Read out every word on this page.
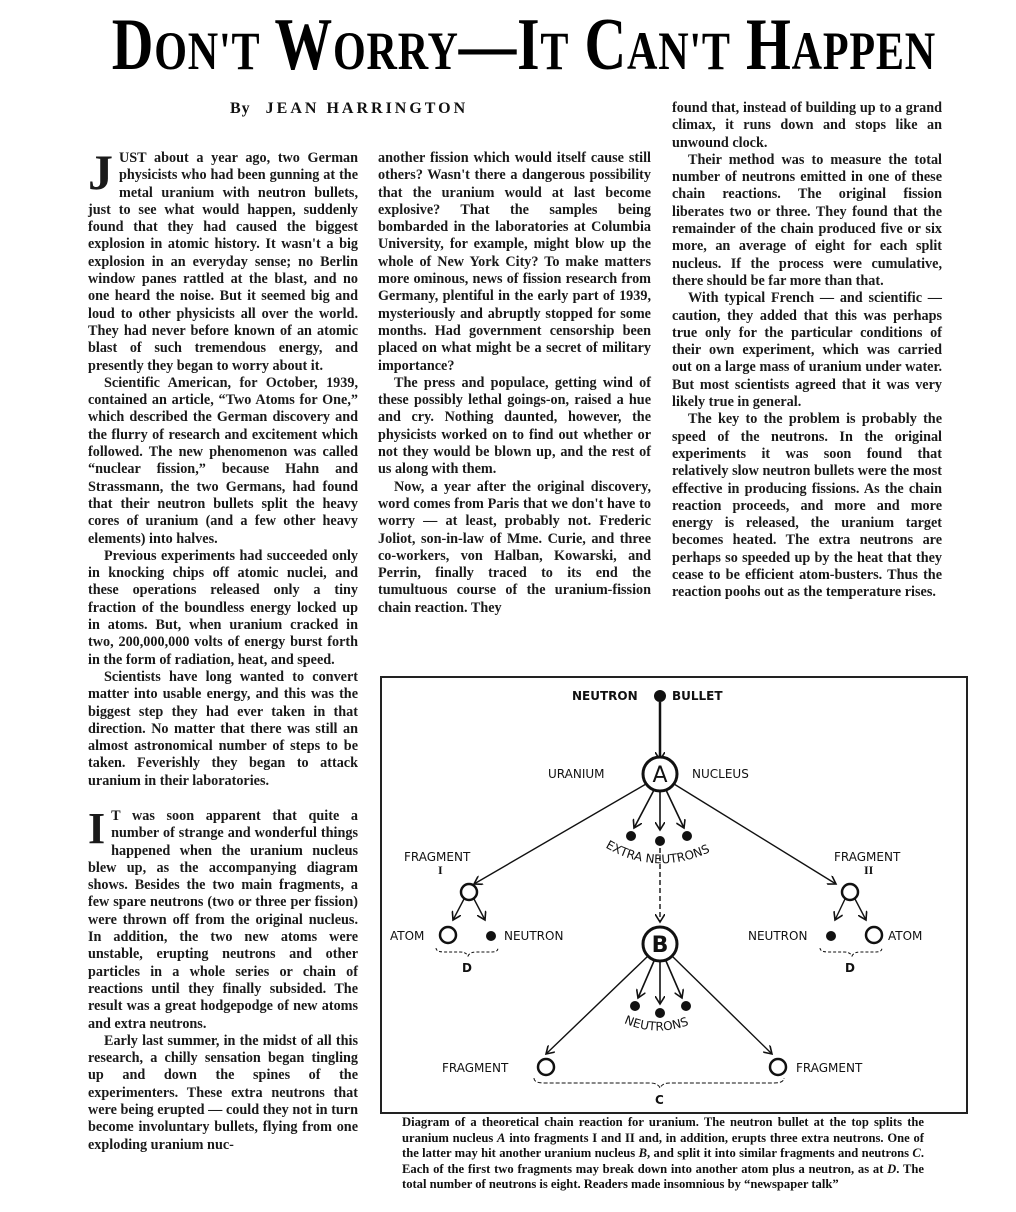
DON'T WORRY—IT CAN'T HAPPEN
By JEAN HARRINGTON

JUST about a year ago, two German physicists who had been gunning at the metal uranium with neutron bullets, just to see what would happen, suddenly found that they had caused the biggest explosion in atomic history. It wasn't a big explosion in an everyday sense; no Berlin window panes rattled at the blast, and no one heard the noise. But it seemed big and loud to other physicists all over the world. They had never before known of an atomic blast of such tremendous energy, and presently they began to worry about it.

Scientific American, for October, 1939, contained an article, “Two Atoms for One,” which described the German discovery and the flurry of research and excitement which followed. The new phenomenon was called “nuclear fission,” because Hahn and Strassmann, the two Germans, had found that their neutron bullets split the heavy cores of uranium (and a few other heavy elements) into halves.

Previous experiments had succeeded only in knocking chips off atomic nuclei, and these operations released only a tiny fraction of the boundless energy locked up in atoms. But, when uranium cracked in two, 200,000,000 volts of energy burst forth in the form of radiation, heat, and speed.

Scientists have long wanted to convert matter into usable energy, and this was the biggest step they had ever taken in that direction. No matter that there was still an almost astronomical number of steps to be taken. Feverishly they began to attack uranium in their laboratories.

I T was soon apparent that quite a number of strange and wonderful things happened when the uranium nucleus blew up, as the accompanying diagram shows. Besides the two main fragments, a few spare neutrons (two or three per fission) were thrown off from the original nucleus. In addition, the two new atoms were unstable, erupting neutrons and other particles in a whole series or chain of reactions until they finally subsided. The result was a great hodgepodge of new atoms and extra neutrons.

Early last summer, in the midst of all this research, a chilly sensation began tingling up and down the spines of the experimenters. These extra neutrons that were being erupted — could they not in turn become involuntary bullets, flying from one exploding uranium nuc-

another fission which would itself cause still others? Wasn't there a dangerous possibility that the uranium would at last become explosive? That the samples being bombarded in the laboratories at Columbia University, for example, might blow up the whole of New York City? To make matters more ominous, news of fission research from Germany, plentiful in the early part of 1939, mysteriously and abruptly stopped for some months. Had government censorship been placed on what might be a secret of military importance?

The press and populace, getting wind of these possibly lethal goings-on, raised a hue and cry. Nothing daunted, however, the physicists worked on to find out whether or not they would be blown up, and the rest of us along with them.

Now, a year after the original discovery, word comes from Paris that we don't have to worry — at least, probably not. Frederic Joliot, son-in-law of Mme. Curie, and three co-workers, von Halban, Kowarski, and Perrin, finally traced to its end the tumultuous course of the uranium-fission chain reaction. They

found that, instead of building up to a grand climax, it runs down and stops like an unwound clock.

Their method was to measure the total number of neutrons emitted in one of these chain reactions. The original fission liberates two or three. They found that the remainder of the chain produced five or six more, an average of eight for each split nucleus. If the process were cumulative, there should be far more than that.

With typical French — and scientific — caution, they added that this was perhaps true only for the particular conditions of their own experiment, which was carried out on a large mass of uranium under water. But most scientists agreed that it was very likely true in general.

The key to the problem is probably the speed of the neutrons. In the original experiments it was soon found that relatively slow neutron bullets were the most effective in producing fissions. As the chain reaction proceeds, and more and more energy is released, the uranium target becomes heated. The extra neutrons are perhaps so speeded up by the heat that they cease to be efficient atom-busters. Thus the reaction poohs out as the temperature rises.

NEUTRON	BULLET
URANIUM A NUCLEUS
EXTRA NEUTRONS
FRAGMENT
I
ATOM	NEUTRON
D
FRAGMENT
II
NEUTRON	ATOM
D
B
NEUTRONS
FRAGMENT	FRAGMENT
C
Diagram of a theoretical chain reaction for uranium. The neutron bullet at the top splits the uranium nucleus A into fragments I and II and, in addition, erupts three extra neutrons. One of the latter may hit another uranium nucleus B, and split it into similar fragments and neutrons C. Each of the first two fragments may break down into another atom plus a neutron, as at D. The total number of neutrons is eight. Readers made insomnious by “newspaper talk”
